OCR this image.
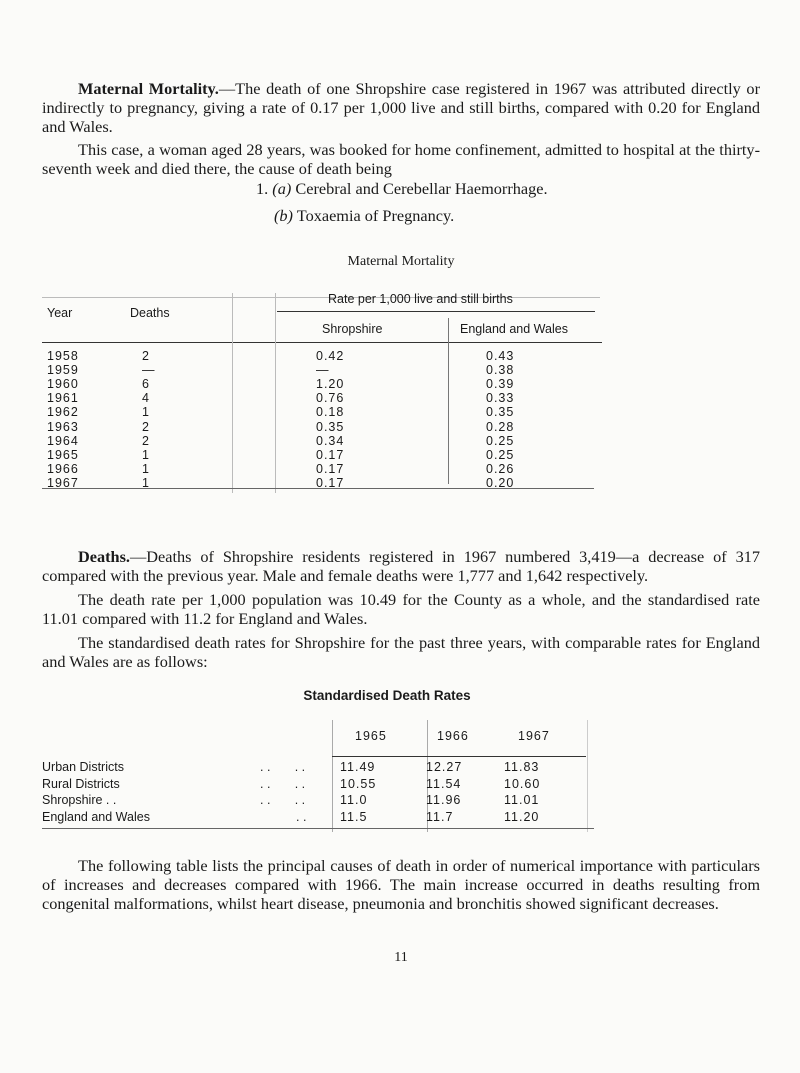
Maternal Mortality.—The death of one Shropshire case registered in 1967 was attributed directly or indirectly to pregnancy, giving a rate of 0.17 per 1,000 live and still births, compared with 0.20 for England and Wales.

This case, a woman aged 28 years, was booked for home confinement, admitted to hospital at the thirty-seventh week and died there, the cause of death being

1. (a) Cerebral and Cerebellar Haemorrhage.
(b) Toxaemia of Pregnancy.
Maternal Mortality
Year	Deaths
Rate per 1,000 live and still births
Shropshire	England and Wales
1958	2	0.42	0.43
1959	—	—	0.38
1960	6	1.20	0.39
1961	4	0.76	0.33
1962	1	0.18	0.35
1963	2	0.35	0.28
1964	2	0.34	0.25
1965	1	0.17	0.25
1966	1	0.17	0.26
1967	1	0.17	0.20

Deaths.—Deaths of Shropshire residents registered in 1967 numbered 3,419—a decrease of 317 compared with the previous year. Male and female deaths were 1,777 and 1,642 respectively.

The death rate per 1,000 population was 10.49 for the County as a whole, and the standardised rate 11.01 compared with 11.2 for England and Wales.

The standardised death rates for Shropshire for the past three years, with comparable rates for England and Wales are as follows:

Standardised Death Rates
1965	1966	1967
Urban Districts	. .       . .	11.49	12.27	11.83
Rural Districts	. .       . .	10.55	11.54	10.60
Shropshire . .	. .       . .	11.0	11.96	11.01
England and Wales	. .	11.5	11.7	11.20

The following table lists the principal causes of death in order of numerical importance with particulars of increases and decreases compared with 1966. The main increase occurred in deaths resulting from congenital malformations, whilst heart disease, pneumonia and bronchitis showed significant decreases.

11
